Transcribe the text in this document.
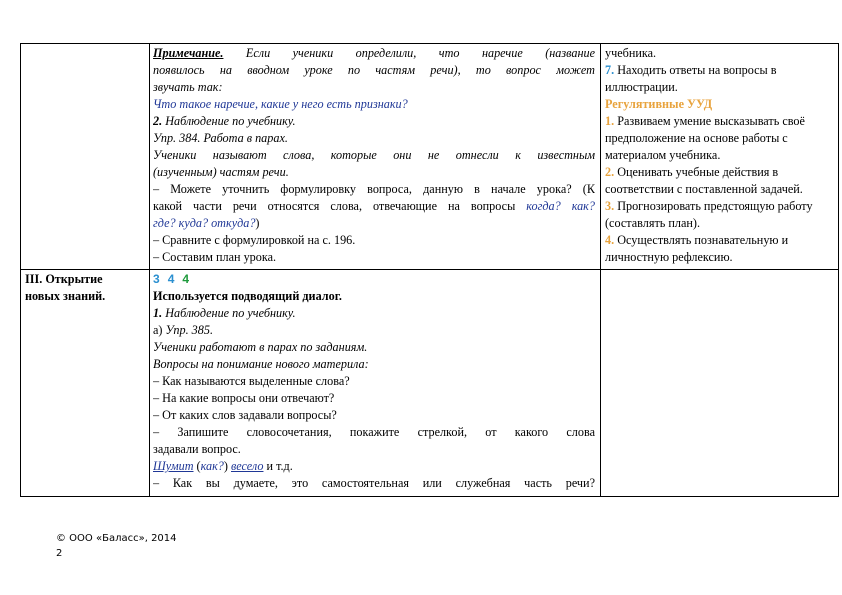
Примечание. Если ученики определили, что наречие (название
появилось на вводном уроке по частям речи), то вопрос может
звучать так:
Что такое наречие, какие у него есть признаки?
2. Наблюдение по учебнику.
Упр. 384. Работа в парах.
Ученики называют слова, которые они не отнесли к известным
(изученным) частям речи.
– Можете уточнить формулировку вопроса, данную в начале урока? (К
какой части речи относятся слова, отвечающие на вопросы когда? как?
где? куда? откуда?)
– Сравните с формулировкой на с. 196.
– Составим план урока.
учебника.
7. Находить ответы на вопросы в
иллюстрации.
Регулятивные УУД
1. Развиваем умение высказывать своё
предположение на основе работы с
материалом учебника.
2. Оценивать учебные действия в
соответствии с поставленной задачей.
3. Прогнозировать предстоящую работу
(составлять план).
4. Осуществлять познавательную и
личностную рефлексию.
III. Открытие
новых знаний.
3 4 4
Используется подводящий диалог.
1. Наблюдение по учебнику.
а) Упр. 385.
Ученики работают в парах по заданиям.
Вопросы на понимание нового материла:
– Как называются выделенные слова?
– На какие вопросы они отвечают?
– От каких слов задавали вопросы?
– Запишите словосочетания, покажите стрелкой, от какого слова
задавали вопрос.
Шумит (как?) весело и т.д.
– Как вы думаете, это самостоятельная или служебная часть речи?
© ООО «Баласс», 2014
2
